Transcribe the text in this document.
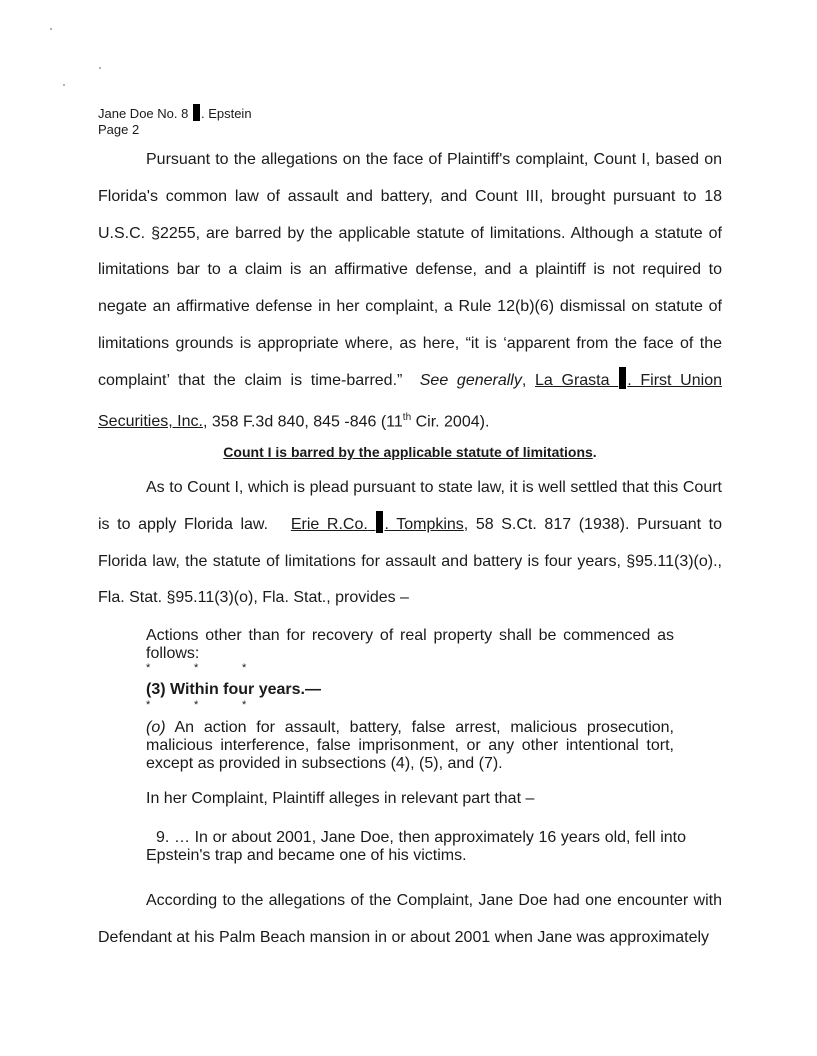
Jane Doe No. 8 . Epstein
Page 2
Pursuant to the allegations on the face of Plaintiff's complaint, Count I, based on Florida's common law of assault and battery, and Count III, brought pursuant to 18 U.S.C. §2255, are barred by the applicable statute of limitations. Although a statute of limitations bar to a claim is an affirmative defense, and a plaintiff is not required to negate an affirmative defense in her complaint, a Rule 12(b)(6) dismissal on statute of limitations grounds is appropriate where, as here, “it is ‘apparent from the face of the complaint’ that the claim is time-barred.” See generally, La Grasta . First Union Securities, Inc., 358 F.3d 840, 845 -846 (11th Cir. 2004).
Count I is barred by the applicable statute of limitations.
As to Count I, which is plead pursuant to state law, it is well settled that this Court is to apply Florida law. Erie R.Co. . Tompkins, 58 S.Ct. 817 (1938). Pursuant to Florida law, the statute of limitations for assault and battery is four years, §95.11(3)(o)., Fla. Stat. §95.11(3)(o), Fla. Stat., provides –
Actions other than for recovery of real property shall be commenced as follows:
*	*	*
(3) Within four years.—
*	*	*
(o) An action for assault, battery, false arrest, malicious prosecution, malicious interference, false imprisonment, or any other intentional tort, except as provided in subsections (4), (5), and (7).
In her Complaint, Plaintiff alleges in relevant part that –
9. … In or about 2001, Jane Doe, then approximately 16 years old, fell into Epstein's trap and became one of his victims.
According to the allegations of the Complaint, Jane Doe had one encounter with Defendant at his Palm Beach mansion in or about 2001 when Jane was approximately
